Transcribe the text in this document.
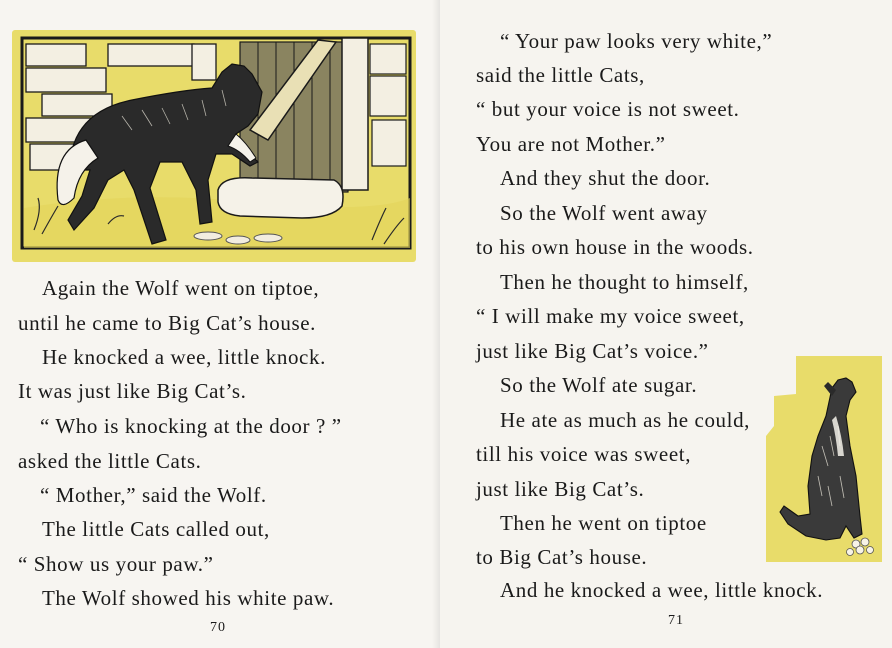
Again the Wolf went on tiptoe,
until he came to Big Cat’s house.
He knocked a wee, little knock.
It was just like Big Cat’s.
“ Who is knocking at the door ? ”
asked the little Cats.
“ Mother,” said the Wolf.
The little Cats called out,
“ Show us your paw.”
The Wolf showed his white paw.
70
“ Your paw looks very white,”
said the little Cats,
“ but your voice is not sweet.
You are not Mother.”
And they shut the door.
So the Wolf went away
to his own house in the woods.
Then he thought to himself,
“ I will make my voice sweet,
just like Big Cat’s voice.”
So the Wolf ate sugar.
He ate as much as he could,
till his voice was sweet,
just like Big Cat’s.
Then he went on tiptoe
to Big Cat’s house.
And he knocked a wee, little knock.
71
